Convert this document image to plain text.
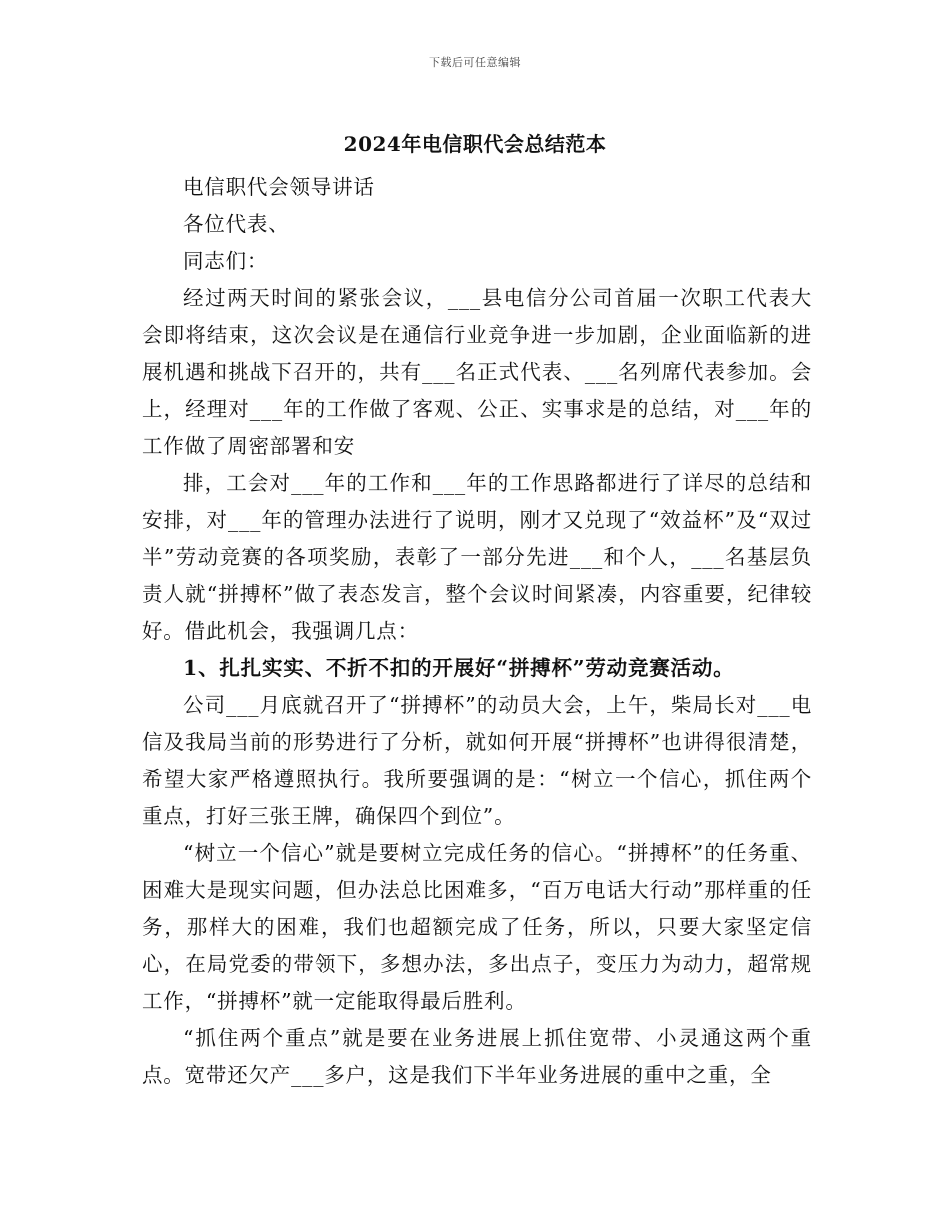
下载后可任意编辑
2024年电信职代会总结范本

电信职代会领导讲话

各位代表、

同志们：

经过两天时间的紧张会议，___县电信分公司首届一次职工代表大会即将结束，这次会议是在通信行业竞争进一步加剧，企业面临新的进展机遇和挑战下召开的，共有___名正式代表、___名列席代表参加。会上，经理对___年的工作做了客观、公正、实事求是的总结，对___年的工作做了周密部署和安

排，工会对___年的工作和___年的工作思路都进行了详尽的总结和安排，对___年的管理办法进行了说明，刚才又兑现了“效益杯”及“双过半”劳动竞赛的各项奖励，表彰了一部分先进___和个人，___名基层负责人就“拼搏杯”做了表态发言，整个会议时间紧凑，内容重要，纪律较好。借此机会，我强调几点：

1、扎扎实实、不折不扣的开展好“拼搏杯”劳动竞赛活动。

公司___月底就召开了“拼搏杯”的动员大会，上午，柴局长对___电信及我局当前的形势进行了分析，就如何开展“拼搏杯”也讲得很清楚，希望大家严格遵照执行。我所要强调的是：“树立一个信心，抓住两个重点，打好三张王牌，确保四个到位”。

“树立一个信心”就是要树立完成任务的信心。“拼搏杯”的任务重、困难大是现实问题，但办法总比困难多，“百万电话大行动”那样重的任务，那样大的困难，我们也超额完成了任务，所以，只要大家坚定信心，在局党委的带领下，多想办法，多出点子，变压力为动力，超常规工作，“拼搏杯”就一定能取得最后胜利。

“抓住两个重点”就是要在业务进展上抓住宽带、小灵通这两个重点。宽带还欠产___多户，这是我们下半年业务进展的重中之重，全
